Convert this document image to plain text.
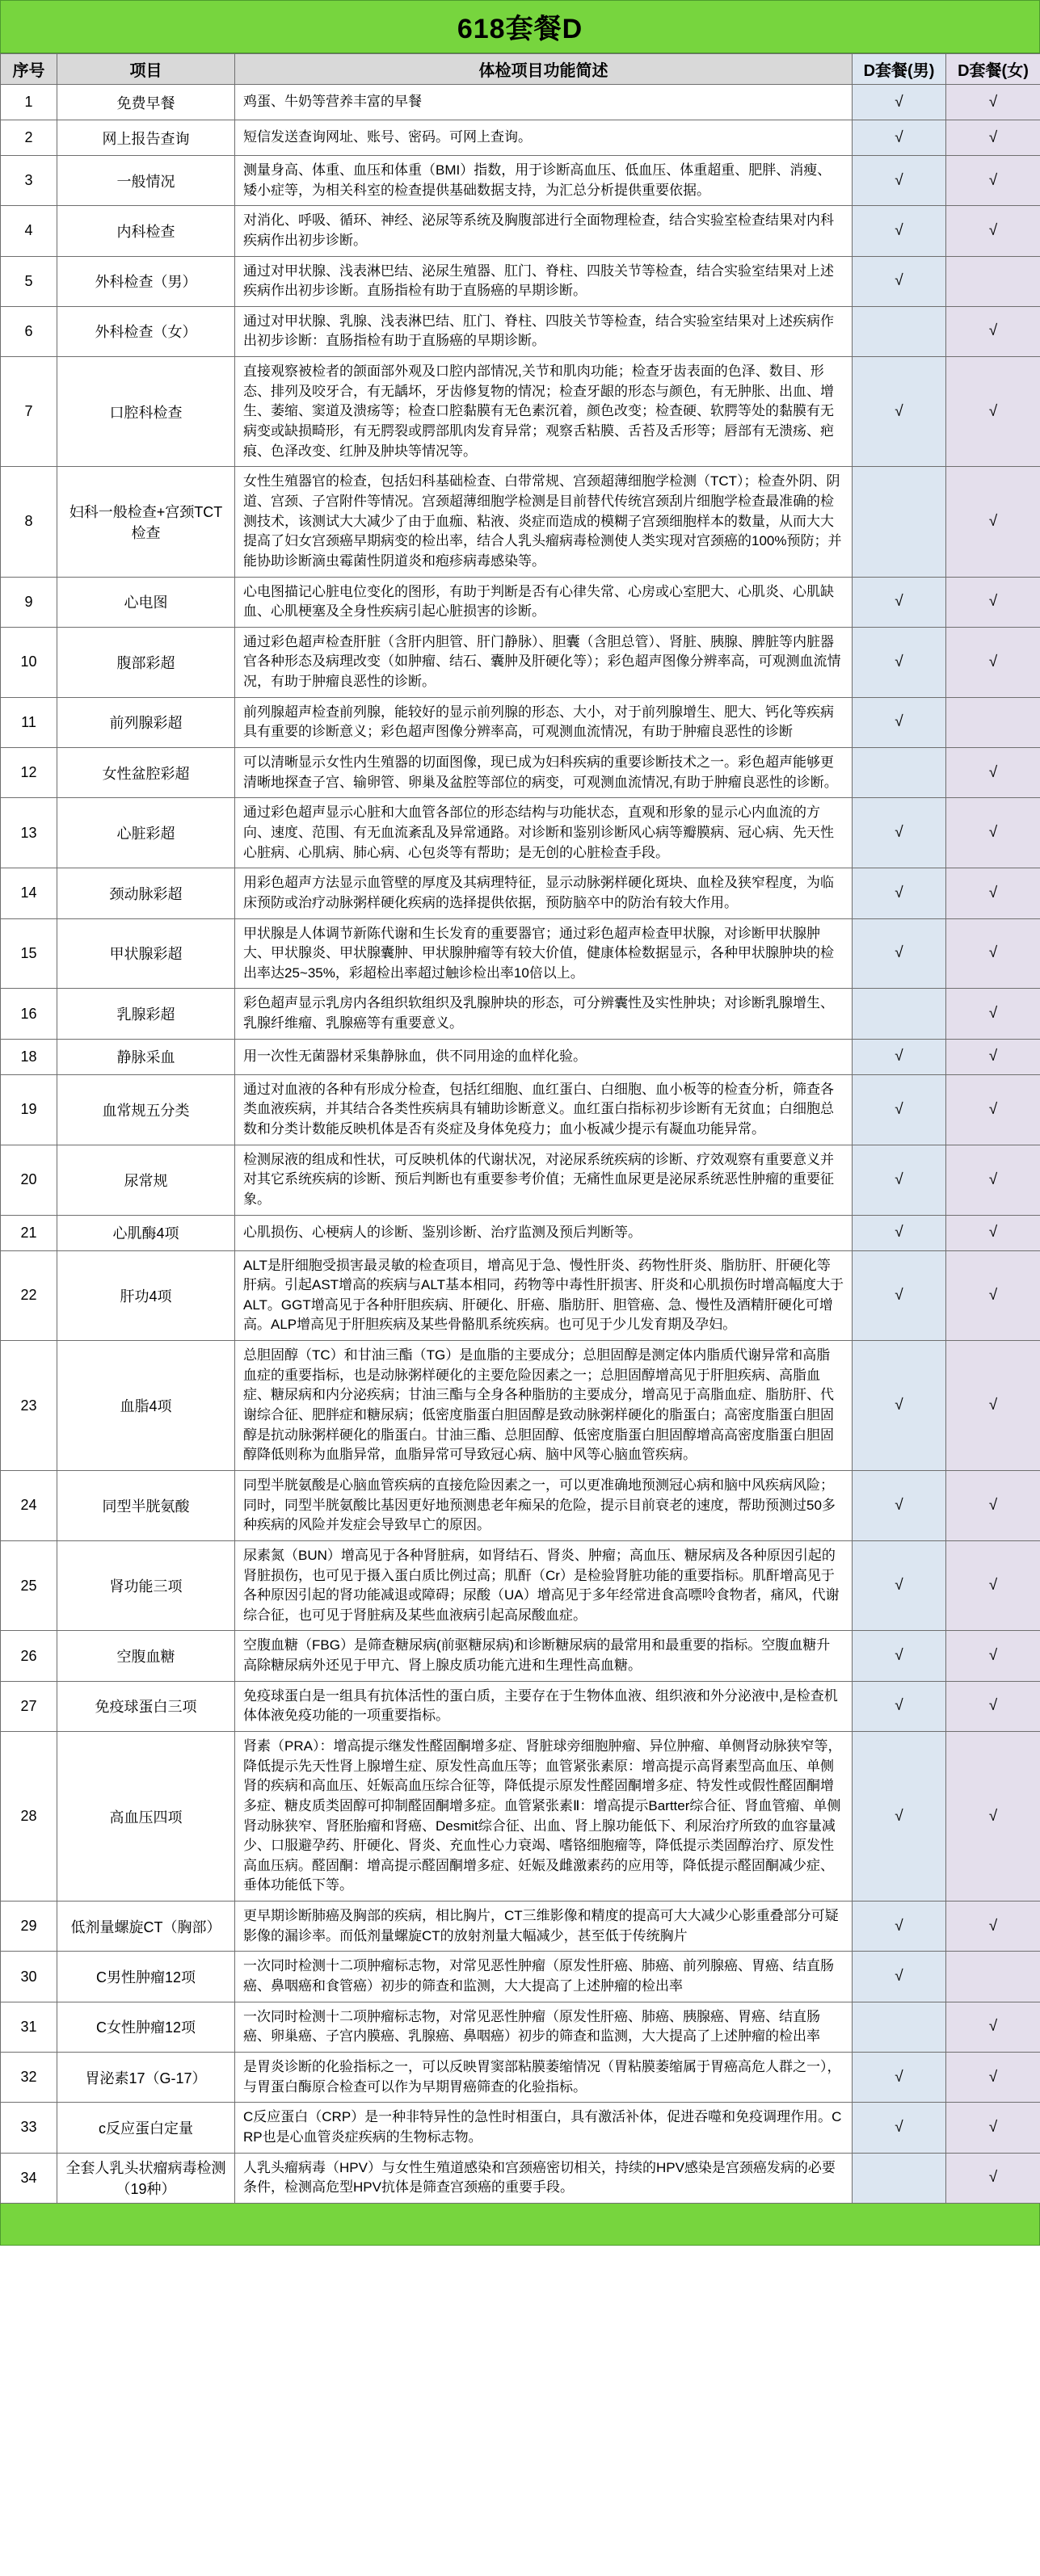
618套餐D
序号	项目	体检项目功能简述	D套餐(男)	D套餐(女)
1	免费早餐	鸡蛋、牛奶等营养丰富的早餐	√	√
2	网上报告查询	短信发送查询网址、账号、密码。可网上查询。	√	√
3	一般情况	测量身高、体重、血压和体重（BMI）指数，用于诊断高血压、低血压、体重超重、肥胖、消瘦、矮小症等，为相关科室的检查提供基础数据支持，为汇总分析提供重要依据。	√	√
4	内科检查	对消化、呼吸、循环、神经、泌尿等系统及胸腹部进行全面物理检查，结合实验室检查结果对内科疾病作出初步诊断。	√	√
5	外科检查（男）	通过对甲状腺、浅表淋巴结、泌尿生殖器、肛门、脊柱、四肢关节等检查，结合实验室结果对上述疾病作出初步诊断。直肠指检有助于直肠癌的早期诊断。	√	
6	外科检查（女）	通过对甲状腺、乳腺、浅表淋巴结、肛门、脊柱、四肢关节等检查，结合实验室结果对上述疾病作出初步诊断：直肠指检有助于直肠癌的早期诊断。		√
7	口腔科检查	直接观察被检者的颌面部外观及口腔内部情况,关节和肌肉功能；检查牙齿表面的色泽、数目、形态、排列及咬牙合，有无龋坏，牙齿修复物的情况；检查牙龈的形态与颜色，有无肿胀、出血、增生、萎缩、窦道及溃疡等；检查口腔黏膜有无色素沉着，颜色改变；检查硬、软腭等处的黏膜有无病变或缺损畸形，有无腭裂或腭部肌肉发育异常；观察舌粘膜、舌苔及舌形等；唇部有无溃疡、疤痕、色泽改变、红肿及肿块等情况等。	√	√
8	妇科一般检查+宫颈TCT检查	女性生殖器官的检查，包括妇科基础检查、白带常规、宫颈超薄细胞学检测（TCT）；检查外阴、阴道、宫颈、子宫附件等情况。宫颈超薄细胞学检测是目前替代传统宫颈刮片细胞学检查最准确的检测技术，该测试大大减少了由于血痂、粘液、炎症而造成的模糊子宫颈细胞样本的数量，从而大大提高了妇女宫颈癌早期病变的检出率，结合人乳头瘤病毒检测使人类实现对宫颈癌的100%预防；并能协助诊断滴虫霉菌性阴道炎和疱疹病毒感染等。		√
9	心电图	心电图描记心脏电位变化的图形，有助于判断是否有心律失常、心房或心室肥大、心肌炎、心肌缺血、心肌梗塞及全身性疾病引起心脏损害的诊断。	√	√
10	腹部彩超	通过彩色超声检查肝脏（含肝内胆管、肝门静脉）、胆囊（含胆总管）、肾脏、胰腺、脾脏等内脏器官各种形态及病理改变（如肿瘤、结石、囊肿及肝硬化等）；彩色超声图像分辨率高，可观测血流情况，有助于肿瘤良恶性的诊断。	√	√
11	前列腺彩超	前列腺超声检查前列腺，能较好的显示前列腺的形态、大小，对于前列腺增生、肥大、钙化等疾病具有重要的诊断意义；彩色超声图像分辨率高，可观测血流情况，有助于肿瘤良恶性的诊断	√	
12	女性盆腔彩超	可以清晰显示女性内生殖器的切面图像，现已成为妇科疾病的重要诊断技术之一。彩色超声能够更清晰地探查子宫、输卵管、卵巢及盆腔等部位的病变，可观测血流情况,有助于肿瘤良恶性的诊断。		√
13	心脏彩超	通过彩色超声显示心脏和大血管各部位的形态结构与功能状态，直观和形象的显示心内血流的方向、速度、范围、有无血流紊乱及异常通路。对诊断和鉴别诊断风心病等瓣膜病、冠心病、先天性心脏病、心肌病、肺心病、心包炎等有帮助；是无创的心脏检查手段。	√	√
14	颈动脉彩超	用彩色超声方法显示血管壁的厚度及其病理特征，显示动脉粥样硬化斑块、血栓及狭窄程度，为临床预防或治疗动脉粥样硬化疾病的选择提供依据，预防脑卒中的防治有较大作用。	√	√
15	甲状腺彩超	甲状腺是人体调节新陈代谢和生长发育的重要器官；通过彩色超声检查甲状腺，对诊断甲状腺肿大、甲状腺炎、甲状腺囊肿、甲状腺肿瘤等有较大价值，健康体检数据显示，各种甲状腺肿块的检出率达25~35%，彩超检出率超过触诊检出率10倍以上。	√	√
16	乳腺彩超	彩色超声显示乳房内各组织软组织及乳腺肿块的形态，可分辨囊性及实性肿块；对诊断乳腺增生、乳腺纤维瘤、乳腺癌等有重要意义。		√
18	静脉采血	用一次性无菌器材采集静脉血，供不同用途的血样化验。	√	√
19	血常规五分类	通过对血液的各种有形成分检查，包括红细胞、血红蛋白、白细胞、血小板等的检查分析，筛查各类血液疾病，并其结合各类性疾病具有辅助诊断意义。血红蛋白指标初步诊断有无贫血；白细胞总数和分类计数能反映机体是否有炎症及身体免疫力；血小板减少提示有凝血功能异常。	√	√
20	尿常规	检测尿液的组成和性状，可反映机体的代谢状况，对泌尿系统疾病的诊断、疗效观察有重要意义并对其它系统疾病的诊断、预后判断也有重要参考价值；无痛性血尿更是泌尿系统恶性肿瘤的重要征象。	√	√
21	心肌酶4项	心肌损伤、心梗病人的诊断、鉴别诊断、治疗监测及预后判断等。	√	√
22	肝功4项	ALT是肝细胞受损害最灵敏的检查项目，增高见于急、慢性肝炎、药物性肝炎、脂肪肝、肝硬化等肝病。引起AST增高的疾病与ALT基本相同，药物等中毒性肝损害、肝炎和心肌损伤时增高幅度大于ALT。GGT增高见于各种肝胆疾病、肝硬化、肝癌、脂肪肝、胆管癌、急、慢性及酒精肝硬化可增高。ALP增高见于肝胆疾病及某些骨骼肌系统疾病。也可见于少儿发育期及孕妇。	√	√
23	血脂4项	总胆固醇（TC）和甘油三酯（TG）是血脂的主要成分；总胆固醇是测定体内脂质代谢异常和高脂血症的重要指标，也是动脉粥样硬化的主要危险因素之一；总胆固醇增高见于肝胆疾病、高脂血症、糖尿病和内分泌疾病；甘油三酯与全身各种脂肪的主要成分，增高见于高脂血症、脂肪肝、代谢综合征、肥胖症和糖尿病；低密度脂蛋白胆固醇是致动脉粥样硬化的脂蛋白；高密度脂蛋白胆固醇是抗动脉粥样硬化的脂蛋白。甘油三酯、总胆固醇、低密度脂蛋白胆固醇增高高密度脂蛋白胆固醇降低则称为血脂异常，血脂异常可导致冠心病、脑中风等心脑血管疾病。	√	√
24	同型半胱氨酸	同型半胱氨酸是心脑血管疾病的直接危险因素之一，可以更准确地预测冠心病和脑中风疾病风险；同时，同型半胱氨酸比基因更好地预测患老年痴呆的危险，提示目前衰老的速度，帮助预测过50多种疾病的风险并发症会导致早亡的原因。	√	√
25	肾功能三项	尿素氮（BUN）增高见于各种肾脏病，如肾结石、肾炎、肿瘤；高血压、糖尿病及各种原因引起的肾脏损伤，也可见于摄入蛋白质比例过高；肌酐（Cr）是检验肾脏功能的重要指标。肌酐增高见于各种原因引起的肾功能减退或障碍；尿酸（UA）增高见于多年经常进食高嘌呤食物者，痛风，代谢综合征，也可见于肾脏病及某些血液病引起高尿酸血症。	√	√
26	空腹血糖	空腹血糖（FBG）是筛查糖尿病(前驱糖尿病)和诊断糖尿病的最常用和最重要的指标。空腹血糖升高除糖尿病外还见于甲亢、肾上腺皮质功能亢进和生理性高血糖。	√	√
27	免疫球蛋白三项	免疫球蛋白是一组具有抗体活性的蛋白质，主要存在于生物体血液、组织液和外分泌液中,是检查机体体液免疫功能的一项重要指标。	√	√
28	高血压四项	肾素（PRA）：增高提示继发性醛固酮增多症、肾脏球旁细胞肿瘤、异位肿瘤、单侧肾动脉狭窄等，降低提示先天性肾上腺增生症、原发性高血压等；血管紧张素原：增高提示高肾素型高血压、单侧肾的疾病和高血压、妊娠高血压综合征等，降低提示原发性醛固酮增多症、特发性或假性醛固酮增多症、糖皮质类固醇可抑制醛固酮增多症。血管紧张素Ⅱ：增高提示Bartter综合征、肾血管瘤、单侧肾动脉狭窄、肾胚胎瘤和肾癌、Desmit综合征、出血、肾上腺功能低下、利尿治疗所致的血容量减少、口服避孕药、肝硬化、肾炎、充血性心力衰竭、嗜铬细胞瘤等，降低提示类固醇治疗、原发性高血压病。醛固酮：增高提示醛固酮增多症、妊娠及雌激素药的应用等，降低提示醛固酮减少症、垂体功能低下等。	√	√
29	低剂量螺旋CT（胸部）	更早期诊断肺癌及胸部的疾病，相比胸片，CT三维影像和精度的提高可大大减少心影重叠部分可疑影像的漏诊率。而低剂量螺旋CT的放射剂量大幅减少，甚至低于传统胸片	√	√
30	C男性肿瘤12项	一次同时检测十二项肿瘤标志物，对常见恶性肿瘤（原发性肝癌、肺癌、前列腺癌、胃癌、结直肠癌、鼻咽癌和食管癌）初步的筛查和监测，大大提高了上述肿瘤的检出率	√	
31	C女性肿瘤12项	一次同时检测十二项肿瘤标志物，对常见恶性肿瘤（原发性肝癌、肺癌、胰腺癌、胃癌、结直肠癌、卵巢癌、子宫内膜癌、乳腺癌、鼻咽癌）初步的筛查和监测，大大提高了上述肿瘤的检出率		√
32	胃泌素17（G-17）	是胃炎诊断的化验指标之一，可以反映胃窦部粘膜萎缩情况（胃粘膜萎缩属于胃癌高危人群之一），与胃蛋白酶原合检查可以作为早期胃癌筛查的化验指标。	√	√
33	c反应蛋白定量	C反应蛋白（CRP）是一种非特异性的急性时相蛋白，具有激活补体，促进吞噬和免疫调理作用。CRP也是心血管炎症疾病的生物标志物。	√	√
34	全套人乳头状瘤病毒检测（19种）	人乳头瘤病毒（HPV）与女性生殖道感染和宫颈癌密切相关，持续的HPV感染是宫颈癌发病的必要条件，检测高危型HPV抗体是筛查宫颈癌的重要手段。		√
